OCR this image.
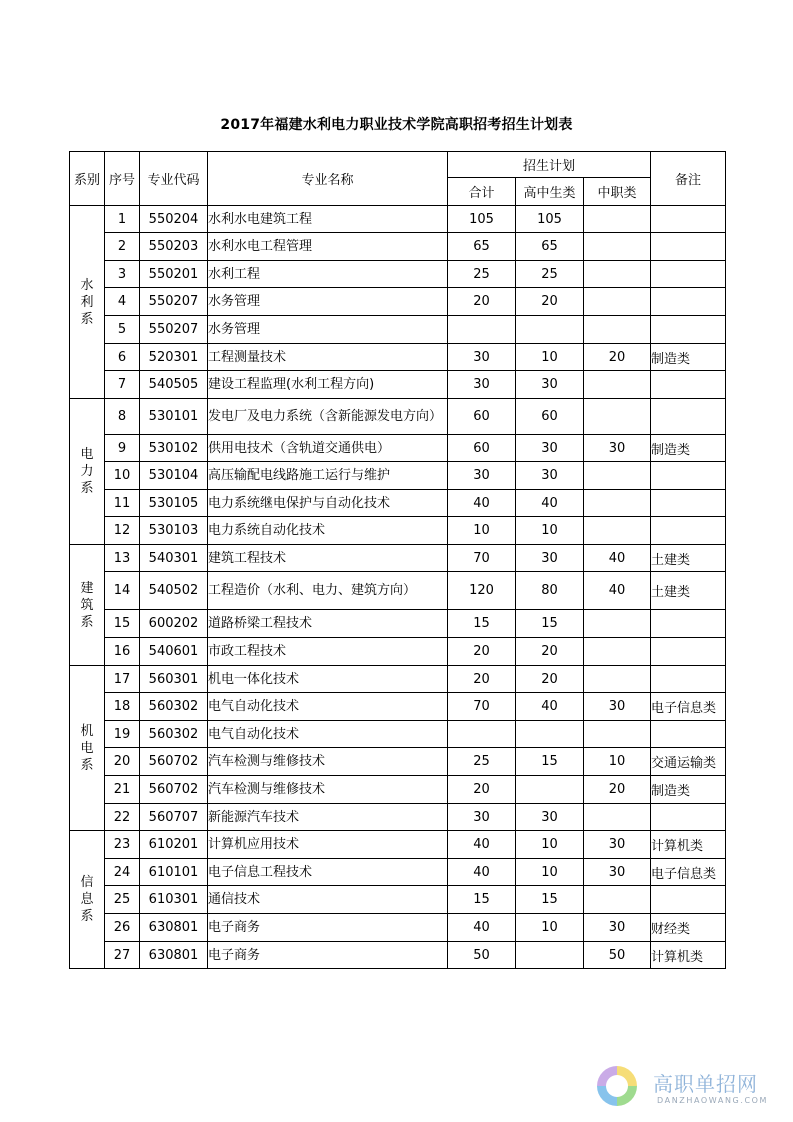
2017年福建水利电力职业技术学院高职招考招生计划表
系别	序号	专业代码	专业名称	招生计划			备注
				合计	高中生类	中职类	
水利系	1	550204	水利水电建筑工程	105	105		
	2	550203	水利水电工程管理	65	65		
	3	550201	水利工程	25	25		
	4	550207	水务管理	20	20		
	5	550207	水务管理				
	6	520301	工程测量技术	30	10	20	制造类
	7	540505	建设工程监理(水利工程方向)	30	30		
电力系	8	530101	发电厂及电力系统（含新能源发电方向）	60	60		
	9	530102	供用电技术（含轨道交通供电）	60	30	30	制造类
	10	530104	高压输配电线路施工运行与维护	30	30		
	11	530105	电力系统继电保护与自动化技术	40	40		
	12	530103	电力系统自动化技术	10	10		
建筑系	13	540301	建筑工程技术	70	30	40	土建类
	14	540502	工程造价（水利、电力、建筑方向）	120	80	40	土建类
	15	600202	道路桥梁工程技术	15	15		
	16	540601	市政工程技术	20	20		
机电系	17	560301	机电一体化技术	20	20		
	18	560302	电气自动化技术	70	40	30	电子信息类
	19	560302	电气自动化技术				
	20	560702	汽车检测与维修技术	25	15	10	交通运输类
	21	560702	汽车检测与维修技术	20		20	制造类
	22	560707	新能源汽车技术	30	30		
信息系	23	610201	计算机应用技术	40	10	30	计算机类
	24	610101	电子信息工程技术	40	10	30	电子信息类
	25	610301	通信技术	15	15		
	26	630801	电子商务	40	10	30	财经类
	27	630801	电子商务	50		50	计算机类
高职单招网
DANZHAOWANG.COM
